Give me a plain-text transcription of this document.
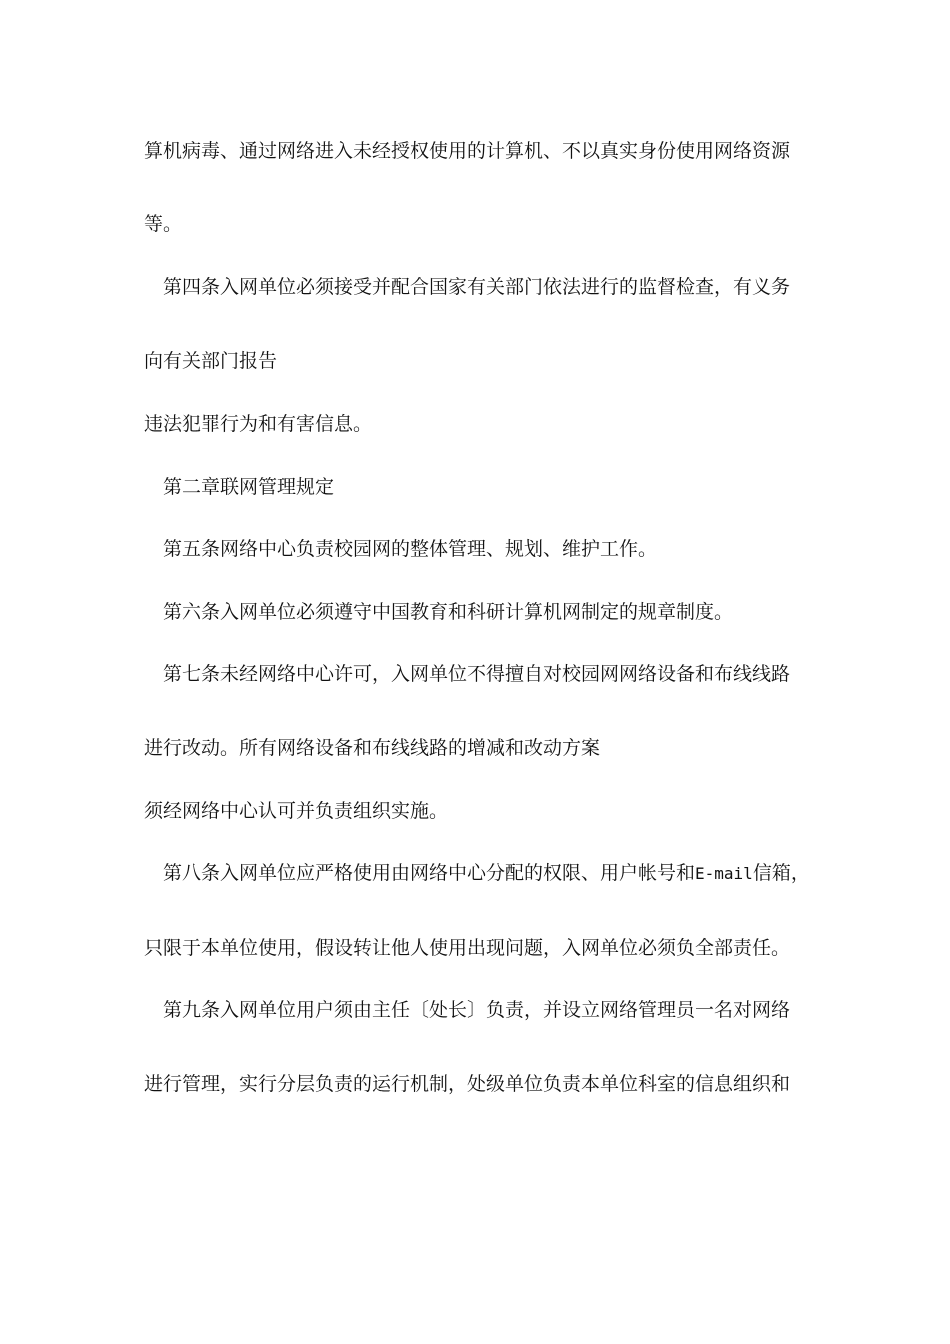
算机病毒、通过网络进入未经授权使用的计算机、不以真实身份使用网络资源
等。
第四条入网单位必须接受并配合国家有关部门依法进行的监督检查，有义务
向有关部门报告
违法犯罪行为和有害信息。
第二章联网管理规定
第五条网络中心负责校园网的整体管理、规划、维护工作。
第六条入网单位必须遵守中国教育和科研计算机网制定的规章制度。
第七条未经网络中心许可，入网单位不得擅自对校园网网络设备和布线线路
进行改动。所有网络设备和布线线路的增减和改动方案
须经网络中心认可并负责组织实施。
第八条入网单位应严格使用由网络中心分配的权限、用户帐号和E-mail信箱，
只限于本单位使用，假设转让他人使用出现问题，入网单位必须负全部责任。
第九条入网单位用户须由主任〔处长〕负责，并设立网络管理员一名对网络
进行管理，实行分层负责的运行机制，处级单位负责本单位科室的信息组织和
